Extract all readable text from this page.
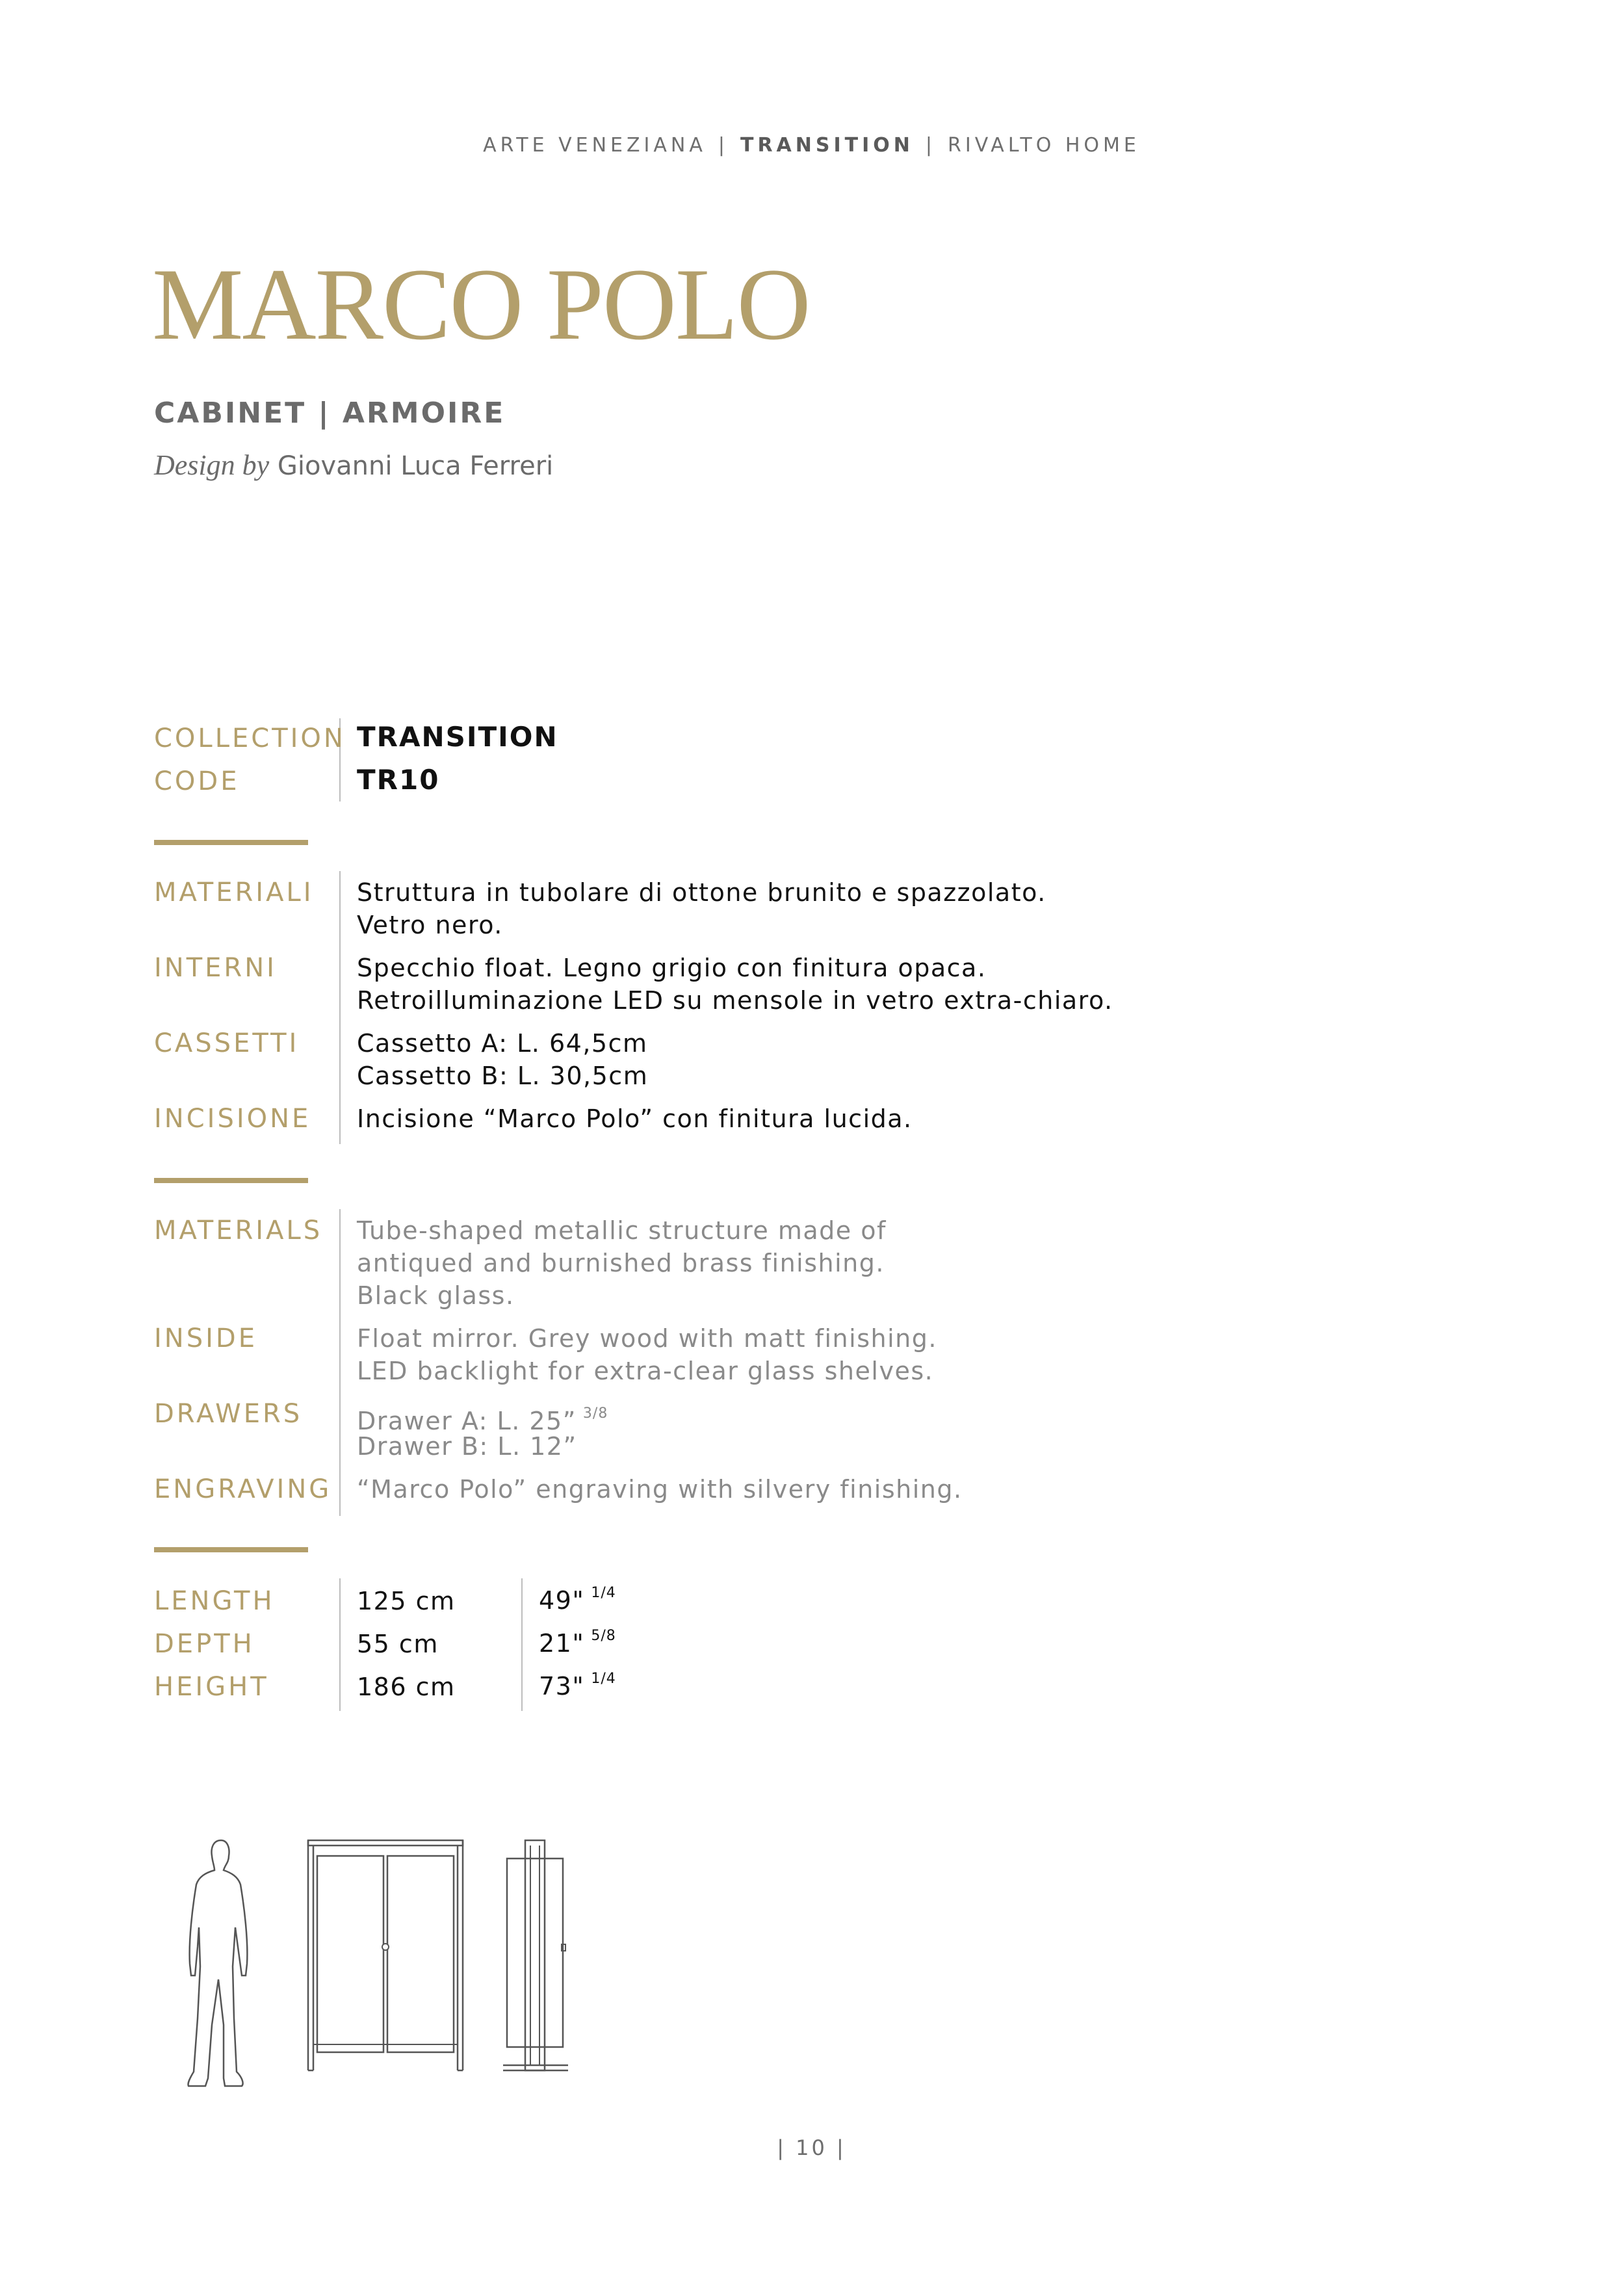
ARTE VENEZIANA | TRANSITION | RIVALTO HOME
MARCO POLO
CABINET | ARMOIRE
Design by Giovanni Luca Ferreri
COLLECTION TRANSITION
CODE	TR10
MATERIALI Struttura in tubolare di ottone brunito e spazzolato.
Vetro nero.
INTERNI	Specchio float. Legno grigio con finitura opaca.
Retroilluminazione LED su mensole in vetro extra-chiaro.
CASSETTI Cassetto A: L. 64,5cm
Cassetto B: L. 30,5cm
INCISIONE Incisione “Marco Polo” con finitura lucida.
MATERIALS Tube-shaped metallic structure made of
antiqued and burnished brass finishing.
Black glass.
INSIDE	Float mirror. Grey wood with matt finishing.
LED backlight for extra-clear glass shelves.
DRAWERS Drawer A: L. 25” $^{3/8}$
Drawer B: L. 12”
ENGRAVING “Marco Polo” engraving with silvery finishing.
LENGTH	125 cm	49" $^{1/4}$
DEPTH	55 cm	21" $^{5/8}$
HEIGHT	186 cm	73" $^{1/4}$
| 10 |
